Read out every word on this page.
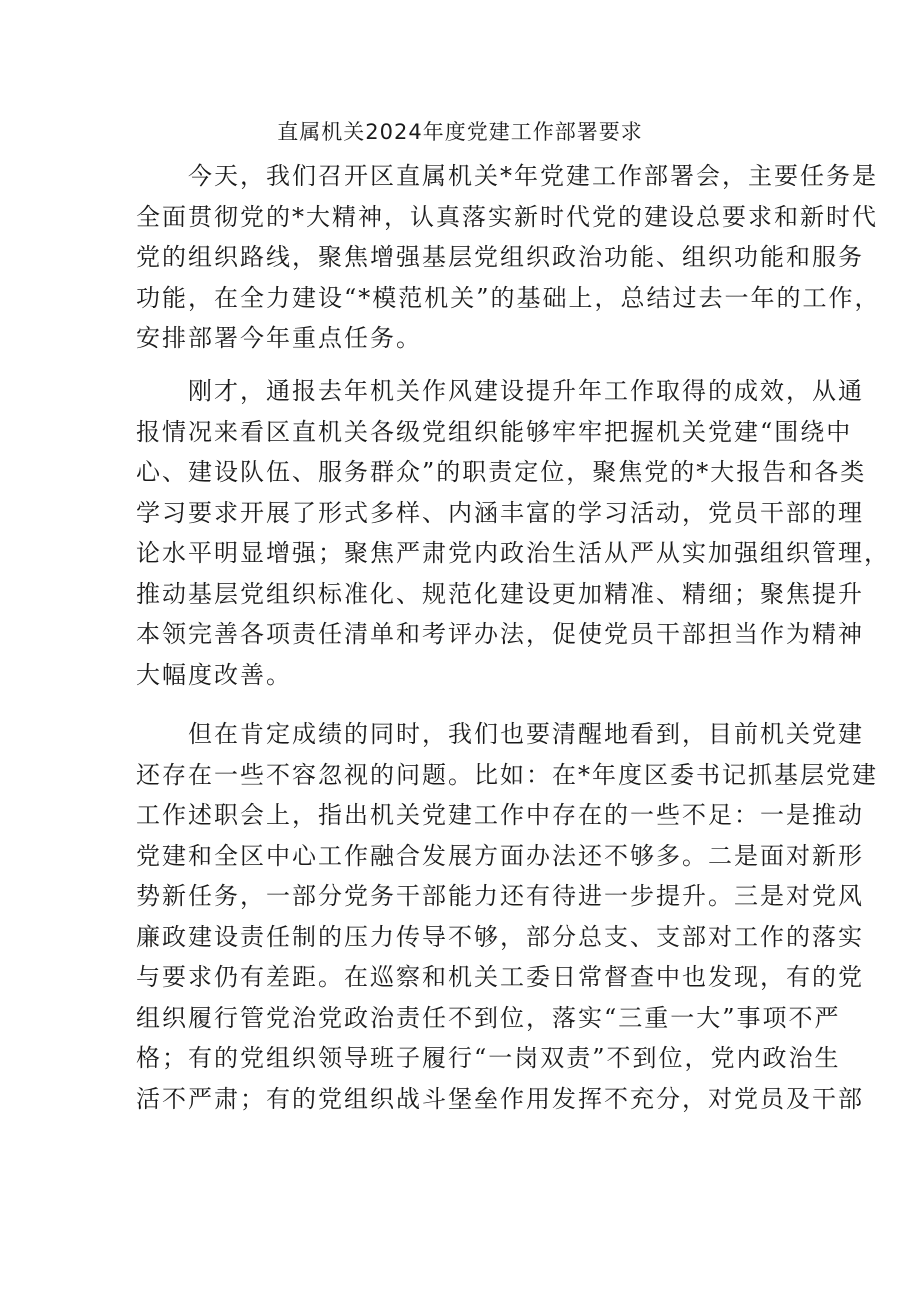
直属机关2024年度党建工作部署要求
今天，我们召开区直属机关*年党建工作部署会，主要任务是
全面贯彻党的*大精神，认真落实新时代党的建设总要求和新时代
党的组织路线，聚焦增强基层党组织政治功能、组织功能和服务
功能，在全力建设“*模范机关”的基础上，总结过去一年的工作，
安排部署今年重点任务。
刚才，通报去年机关作风建设提升年工作取得的成效，从通
报情况来看区直机关各级党组织能够牢牢把握机关党建“围绕中
心、建设队伍、服务群众”的职责定位，聚焦党的*大报告和各类
学习要求开展了形式多样、内涵丰富的学习活动，党员干部的理
论水平明显增强；聚焦严肃党内政治生活从严从实加强组织管理，
推动基层党组织标准化、规范化建设更加精准、精细；聚焦提升
本领完善各项责任清单和考评办法，促使党员干部担当作为精神
大幅度改善。
但在肯定成绩的同时，我们也要清醒地看到，目前机关党建
还存在一些不容忽视的问题。比如：在*年度区委书记抓基层党建
工作述职会上，指出机关党建工作中存在的一些不足：一是推动
党建和全区中心工作融合发展方面办法还不够多。二是面对新形
势新任务，一部分党务干部能力还有待进一步提升。三是对党风
廉政建设责任制的压力传导不够，部分总支、支部对工作的落实
与要求仍有差距。在巡察和机关工委日常督查中也发现，有的党
组织履行管党治党政治责任不到位，落实“三重一大”事项不严
格；有的党组织领导班子履行“一岗双责”不到位，党内政治生
活不严肃；有的党组织战斗堡垒作用发挥不充分，对党员及干部
